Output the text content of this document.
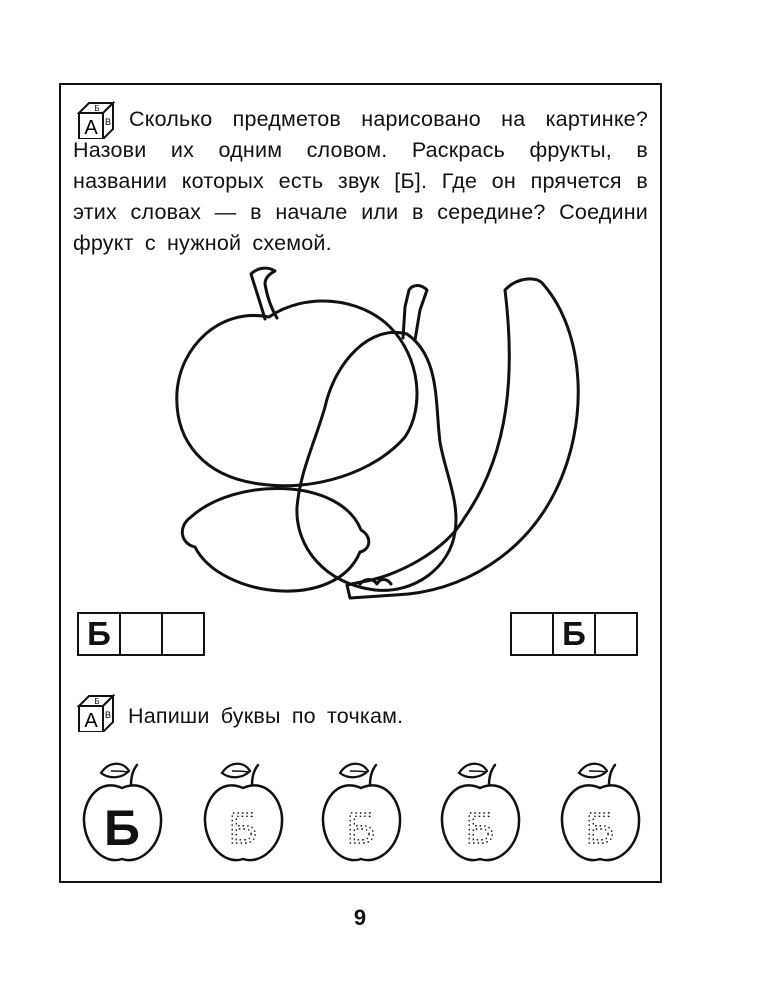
A
Б
В Сколько предметов нарисовано на картинке? Назови их одним словом. Раскрась фрукты, в названии которых есть звук [Б]. Где он прячется в этих словах — в начале или в середине? Соедини фрукт с нужной схемой.

Б	Б
A
Б
В Напиши буквы по точкам.

Б Б Б Б Б
9
